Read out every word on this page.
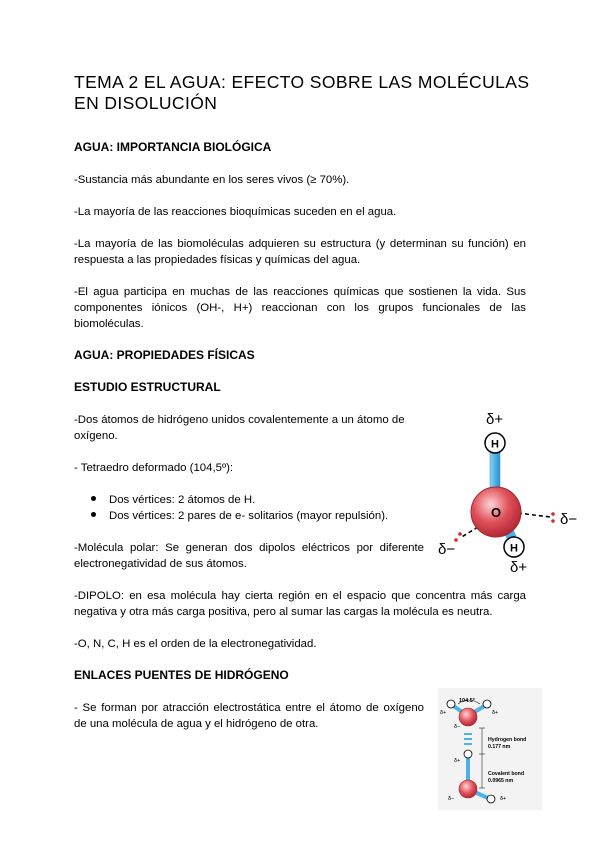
TEMA 2 EL AGUA: EFECTO SOBRE LAS MOLÉCULAS
EN DISOLUCIÓN
AGUA: IMPORTANCIA BIOLÓGICA
-Sustancia más abundante en los seres vivos (≥ 70%).
-La mayoría de las reacciones bioquímicas suceden en el agua.
-La mayoría de las biomoléculas adquieren su estructura (y determinan su función) en respuesta a las propiedades físicas y químicas del agua.
-El agua participa en muchas de las reacciones químicas que sostienen la vida. Sus componentes iónicos (OH-, H+) reaccionan con los grupos funcionales de las biomoléculas.
AGUA: PROPIEDADES FÍSICAS
ESTUDIO ESTRUCTURAL
-Dos átomos de hidrógeno unidos covalentemente a un átomo de oxígeno.
- Tetraedro deformado (104,5º):
Dos vértices: 2 átomos de H.
Dos vértices: 2 pares de e- solitarios (mayor repulsión).
-Molécula polar: Se generan dos dipolos eléctricos por diferente electronegatividad de sus átomos.
-DIPOLO: en esa molécula hay cierta región en el espacio que concentra más carga negativa y otra más carga positiva, pero al sumar las cargas la molécula es neutra.
-O, N, C, H es el orden de la electronegatividad.
ENLACES PUENTES DE HIDRÓGENO
- Se forman por atracción electrostática entre el átomo de oxígeno de una molécula de agua y el hidrógeno de otra.
O
H
H
δ+
δ−
δ−
δ+
104.5°
δ+	δ+
δ−
Hydrogen bond
0.177 nm
Covalent bond
0.0965 nm
δ+
δ−	δ+
